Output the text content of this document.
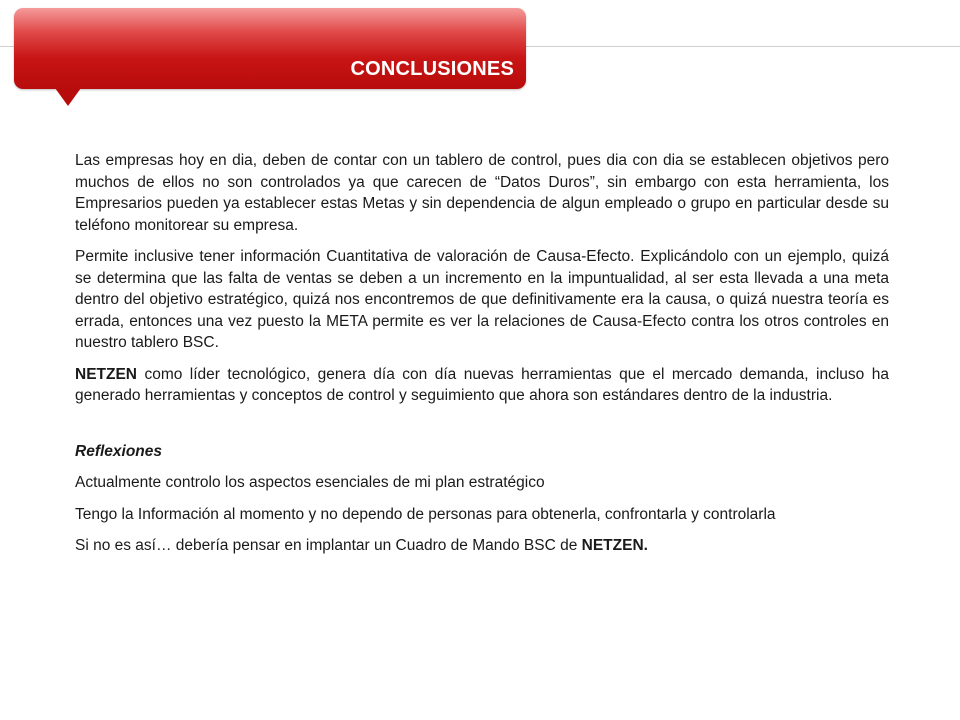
CONCLUSIONES

Las empresas hoy en dia, deben de contar con un tablero de control, pues dia con dia se establecen objetivos pero muchos de ellos no son controlados ya que carecen de “Datos Duros”, sin embargo con esta herramienta, los Empresarios pueden ya establecer estas Metas y sin dependencia de algun empleado o grupo en particular desde su teléfono monitorear su empresa.

Permite inclusive tener información Cuantitativa de valoración de Causa-Efecto. Explicándolo con un ejemplo, quizá se determina que las falta de ventas se deben a un incremento en la impuntualidad, al ser esta llevada a una meta dentro del objetivo estratégico, quizá nos encontremos de que definitivamente era la causa, o quizá nuestra teoría es errada, entonces una vez puesto la META permite es ver la relaciones de Causa-Efecto contra los otros controles en nuestro tablero BSC.

NETZEN como líder tecnológico, genera día con día nuevas herramientas que el mercado demanda, incluso ha generado herramientas y conceptos de control y seguimiento que ahora son estándares dentro de la industria.

Reflexiones

Actualmente controlo los aspectos esenciales de mi plan estratégico

Tengo la Información al momento y no dependo de personas para obtenerla, confrontarla y controlarla

Si no es así… debería pensar en implantar un Cuadro de Mando BSC de NETZEN.
